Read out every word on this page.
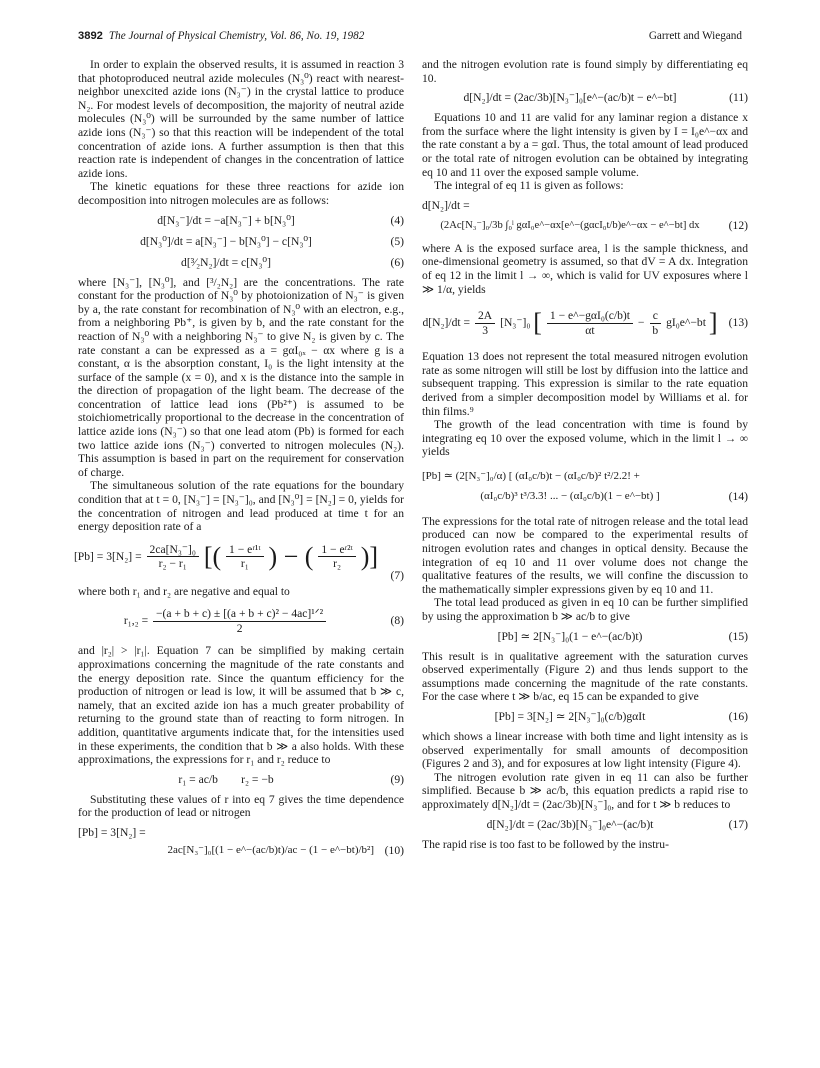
3892 The Journal of Physical Chemistry, Vol. 86, No. 19, 1982	Garrett and Wiegand

In order to explain the observed results, it is assumed in reaction 3 that photoproduced neutral azide molecules (N₃⁰) react with nearest-neighbor unexcited azide ions (N₃⁻) in the crystal lattice to produce N₂. For modest levels of decomposition, the majority of neutral azide molecules (N₃⁰) will be surrounded by the same number of lattice azide ions (N₃⁻) so that this reaction will be independent of the total concentration of azide ions. A further assumption is then that this reaction rate is independent of changes in the concentration of lattice azide ions.

The kinetic equations for these three reactions for azide ion decomposition into nitrogen molecules are as follows:

d[N₃⁻]/dt = −a[N₃⁻] + b[N₃⁰]	(4)
d[N₃⁰]/dt = a[N₃⁻] − b[N₃⁰] − c[N₃⁰]	(5)
d[³⁄₂N₂]/dt = c[N₃⁰]	(6)

where [N₃⁻], [N₃⁰], and [³/₂N₂] are the concentrations. The rate constant for the production of N₃⁰ by photoionization of N₃⁻ is given by a, the rate constant for recombination of N₃⁰ with an electron, e.g., from a neighboring Pb⁺, is given by b, and the rate constant for the reaction of N₃⁰ with a neighboring N₃⁻ to give N₂ is given by c. The rate constant a can be expressed as a = gαI₀ₓ − αx where g is a constant, α is the absorption constant, I₀ is the light intensity at the surface of the sample (x = 0), and x is the distance into the sample in the direction of propagation of the light beam. The decrease of the concentration of lattice lead ions (Pb²⁺) is assumed to be stoichiometrically proportional to the decrease in the concentration of lattice azide ions (N₃⁻) so that one lead atom (Pb) is formed for each two lattice azide ions (N₃⁻) converted to nitrogen molecules (N₂). This assumption is based in part on the requirement for conservation of charge.

The simultaneous solution of the rate equations for the boundary condition that at t = 0, [N₃⁻] = [N₃⁻]₀, and [N₃⁰] = [N₂] = 0, yields for the concentration of nitrogen and lead produced at time t for an energy deposition rate of a

$[Pb] = 3[N_2] = \frac{\text{2ca[N₃⁻]₀}}{\text{r₂ − r₁}}$ [( $\frac{\text{1 − eʳ¹ᵗ}}{\text{r₁}}$ ) − ( $\frac{\text{1 − eʳ²ᵗ}}{\text{r₂}}$ )]
(7)

where both r₁ and r₂ are negative and equal to

$r_1,_2 = \frac{\text{−(a + b + c) ± [(a + b + c)² − 4ac]¹ᐟ²}}{2}$	(8)

and |r₂| > |r₁|. Equation 7 can be simplified by making certain approximations concerning the magnitude of the rate constants and the energy deposition rate. Since the quantum efficiency for the production of nitrogen or lead is low, it will be assumed that b ≫ c, namely, that an excited azide ion has a much greater probability of returning to the ground state than of reacting to form nitrogen. In addition, quantitative arguments indicate that, for the intensities used in these experiments, the condition that b ≫ a also holds. With these approximations, the expressions for r₁ and r₂ reduce to

r₁ = ac/b        r₂ = −b	(9)

Substituting these values of r into eq 7 gives the time dependence for the production of lead or nitrogen

[Pb] = 3[N₂] =
2ac[N₃⁻]₀[(1 − e^−(ac/b)t)/ac − (1 − e^−bt)/b²] (10)

and the nitrogen evolution rate is found simply by differentiating eq 10.

d[N₂]/dt = (2ac/3b)[N₃⁻]₀[e^−(ac/b)t − e^−bt]	(11)

Equations 10 and 11 are valid for any laminar region a distance x from the surface where the light intensity is given by I = I₀e^−αx and the rate constant a by a = gαI. Thus, the total amount of lead produced or the total rate of nitrogen evolution can be obtained by integrating eq 10 and 11 over the exposed sample volume.

The integral of eq 11 is given as follows:

d[N₂]/dt =
(2Ac[N₃⁻]₀/3b ∫₀ˡ gαI₀e^−αx[e^−(gαcI₀t/b)e^−αx − e^−bt] dx	(12)

where A is the exposed surface area, l is the sample thickness, and one-dimensional geometry is assumed, so that dV = A dx. Integration of eq 12 in the limit l → ∞, which is valid for UV exposures where l ≫ 1/α, yields

$d[N_2]/dt = \frac{2A}{3} [N_3^-]_0$ [ $\frac{\text{1 − e\textasciicircum{}−gαI₀(c/b)t}}{\alpha t} - \frac{c}{b}$ gI₀e^−bt ] (13)

Equation 13 does not represent the total measured nitrogen evolution rate as some nitrogen will still be lost by diffusion into the lattice and subsequent trapping. This expression is similar to the rate equation derived from a simpler decomposition model by Williams et al. for thin films.⁹

The growth of the lead concentration with time is found by integrating eq 10 over the exposed volume, which in the limit l → ∞ yields

[Pb] ≃ (2[N₃⁻]₀/α) [ (αI₀c/b)t − (αI₀c/b)² t²/2.2! +
(αI₀c/b)³ t³/3.3! ... − (αI₀c/b)(1 − e^−bt) ]	(14)

The expressions for the total rate of nitrogen release and the total lead produced can now be compared to the experimental results of nitrogen evolution rates and changes in optical density. Because the integration of eq 10 and 11 over volume does not change the qualitative features of the results, we will confine the discussion to the mathematically simpler expressions given by eq 10 and 11.

The total lead produced as given in eq 10 can be further simplified by using the approximation b ≫ ac/b to give

[Pb] ≃ 2[N₃⁻]₀(1 − e^−(ac/b)t)	(15)

This result is in qualitative agreement with the saturation curves observed experimentally (Figure 2) and thus lends support to the assumptions made concerning the magnitude of the rate constants. For the case where t ≫ b/ac, eq 15 can be expanded to give

[Pb] = 3[N₂] ≃ 2[N₃⁻]₀(c/b)gαIt	(16)

which shows a linear increase with both time and light intensity as is observed experimentally for small amounts of decomposition (Figures 2 and 3), and for exposures at low light intensity (Figure 4).

The nitrogen evolution rate given in eq 11 can also be further simplified. Because b ≫ ac/b, this equation predicts a rapid rise to approximately d[N₂]/dt = (2ac/3b)[N₃⁻]₀, and for t ≫ b reduces to

d[N₂]/dt = (2ac/3b)[N₃⁻]₀e^−(ac/b)t	(17)

The rapid rise is too fast to be followed by the instru-
